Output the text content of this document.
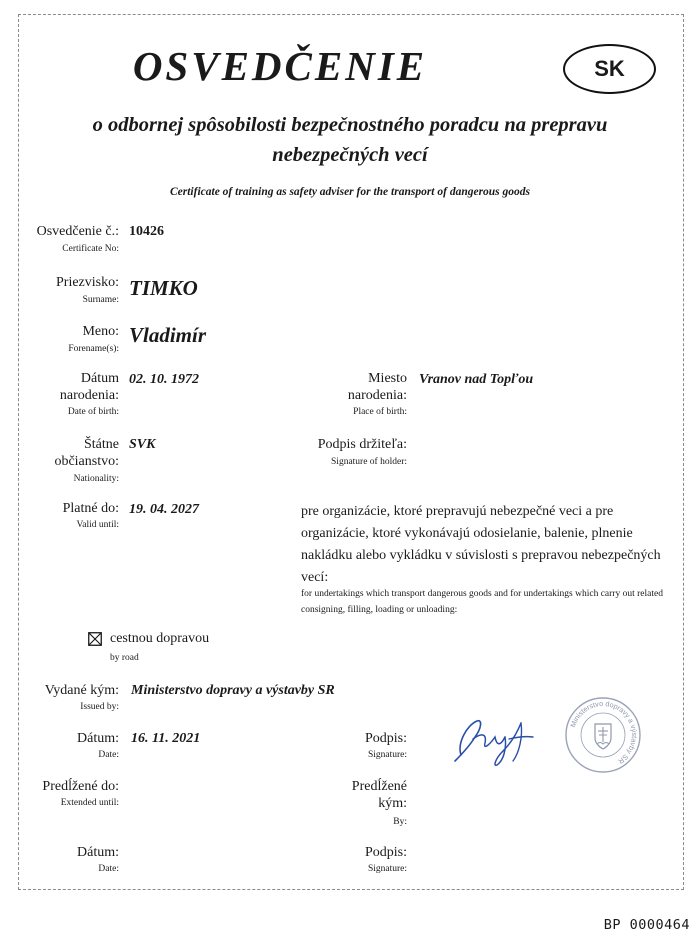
OSVEDČENIE	SK
o odbornej spôsobilosti bezpečnostného poradcu na prepravu
nebezpečných vecí
Certificate of training as safety adviser for the transport of dangerous goods
Osvedčenie č.:
Certificate No:
10426
Priezvisko:
Surname: TIMKO
Meno:
Forename(s):
Vladimír
Dátum
narodenia:
Date of birth:
02. 10. 1972	Miesto
narodenia:
Place of birth:
Vranov nad Topľou
Štátne
občianstvo:
Nationality:
SVK	Podpis držiteľa:
Signature of holder:
Platné do:
Valid until:
19. 04. 2027	pre organizácie, ktoré prepravujú nebezpečné veci a pre organizácie, ktoré vykonávajú odosielanie, balenie, plnenie nakládku alebo vykládku v súvislosti s prepravou nebezpečných vecí:
for undertakings which transport dangerous goods and for undertakings which carry out related consigning, filling, loading or unloading:
cestnou dopravou
by road
Vydané kým:
Issued by:
Ministerstvo dopravy a výstavby SR
Dátum:
Date:
16. 11. 2021	Podpis:
Signature:
Ministerstvo dopravy a výstavby SR
Predĺžené do:
Extended until:
Predĺžené
kým:
By:
Dátum:
Date:
Podpis:
Signature:
BP 0000464
